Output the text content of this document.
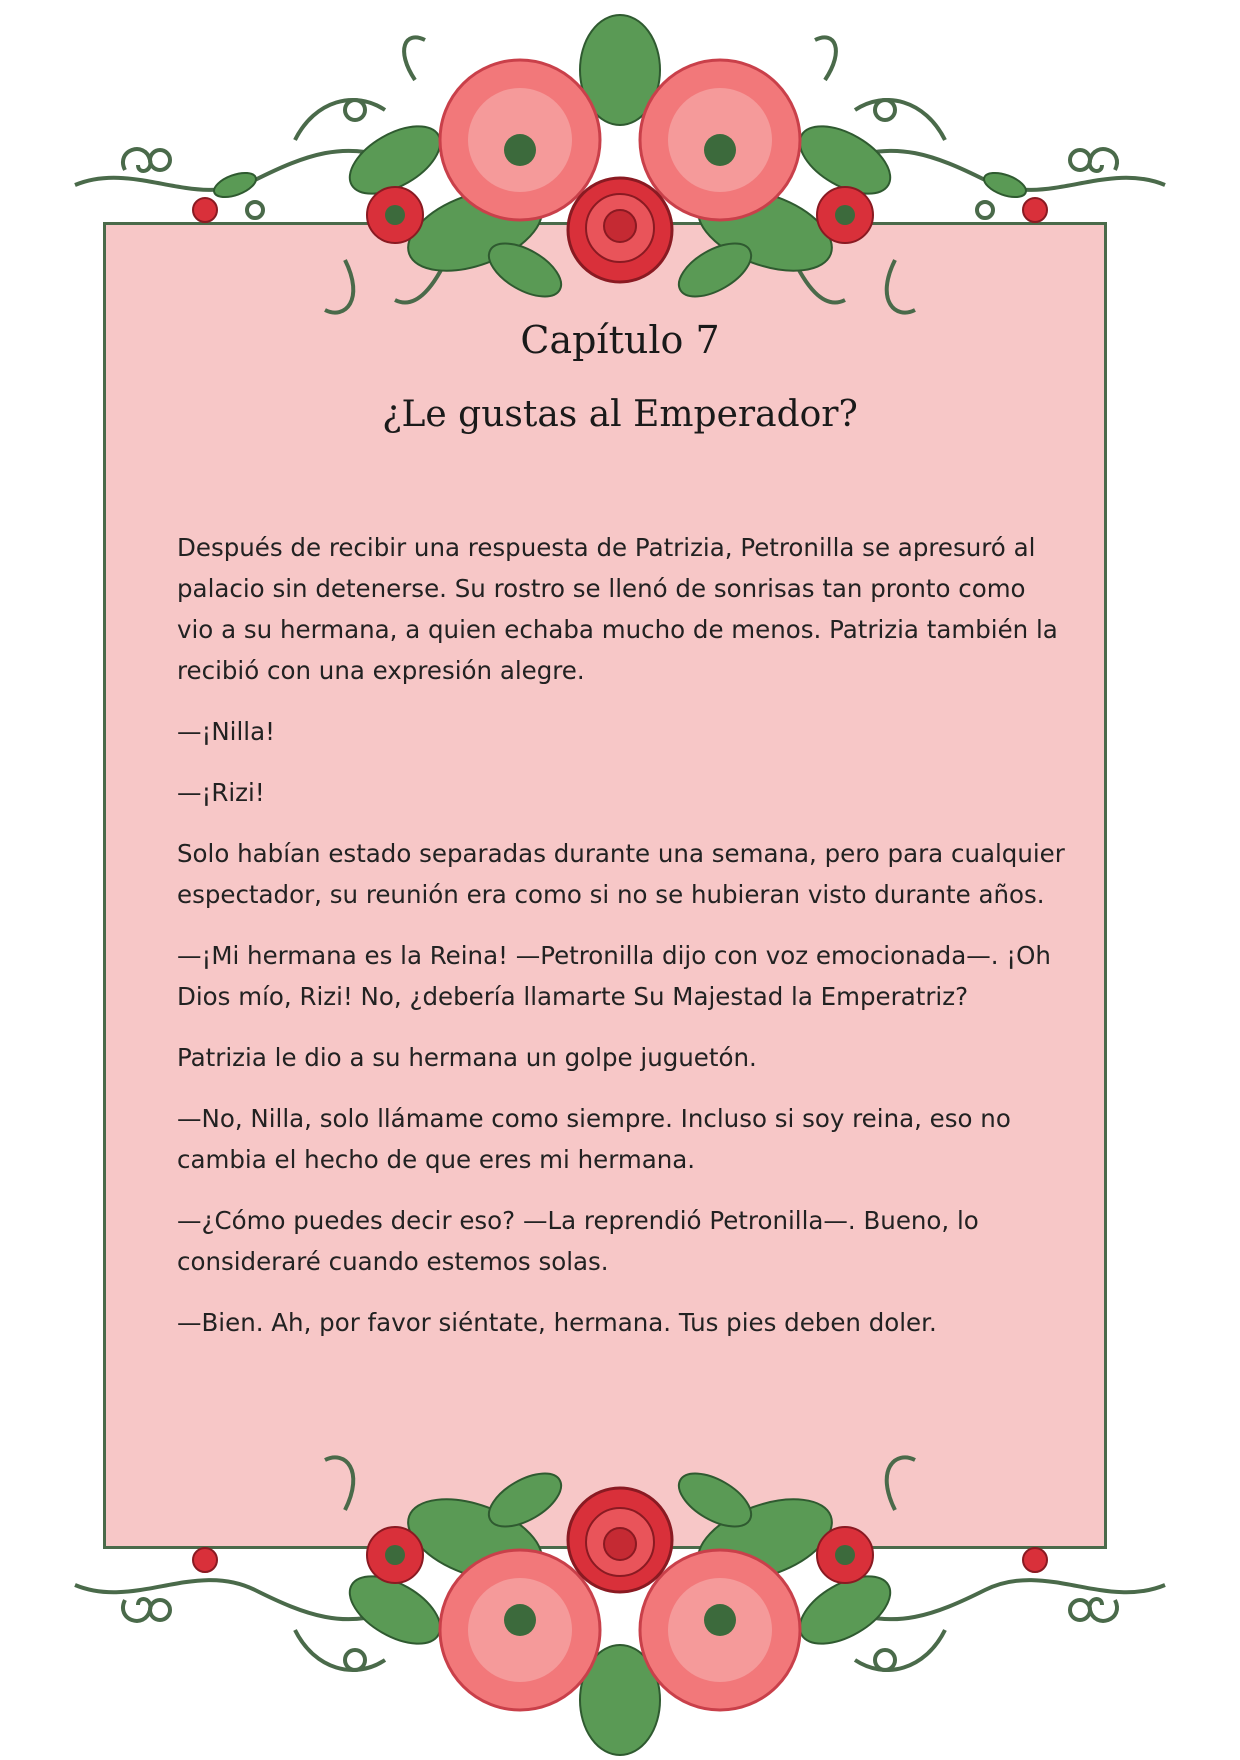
Capítulo 7
¿Le gustas al Emperador?

Después de recibir una respuesta de Patrizia, Petronilla se apresuró al palacio sin detenerse. Su rostro se llenó de sonrisas tan pronto como vio a su hermana, a quien echaba mucho de menos. Patrizia también la recibió con una expresión alegre.

—¡Nilla!

—¡Rizi!

Solo habían estado separadas durante una semana, pero para cualquier espectador, su reunión era como si no se hubieran visto durante años.

—¡Mi hermana es la Reina! —Petronilla dijo con voz emocionada—. ¡Oh Dios mío, Rizi! No, ¿debería llamarte Su Majestad la Emperatriz?

Patrizia le dio a su hermana un golpe juguetón.

—No, Nilla, solo llámame como siempre. Incluso si soy reina, eso no cambia el hecho de que eres mi hermana.

—¿Cómo puedes decir eso? —La reprendió Petronilla—. Bueno, lo consideraré cuando estemos solas.

—Bien. Ah, por favor siéntate, hermana. Tus pies deben doler.
